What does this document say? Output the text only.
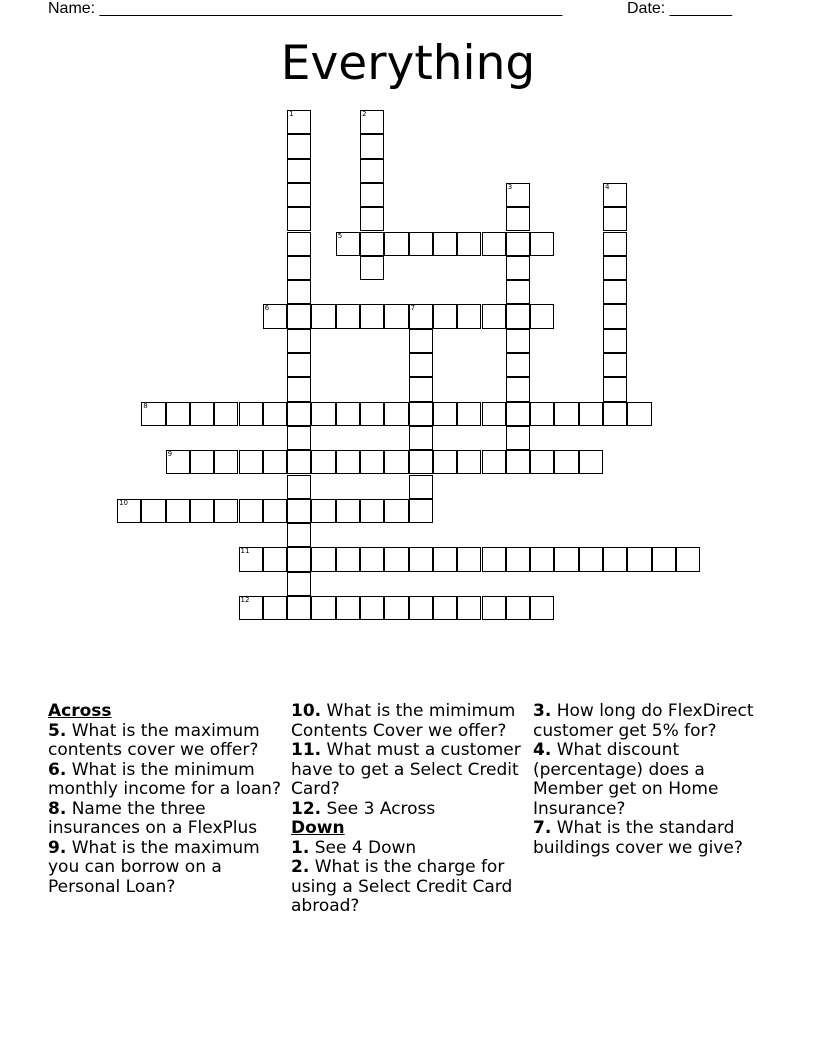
Name: ____________________________________________________	Date: _______
Everything
1	2
3	4
5
6	7
8
9
10
11
12
Across
5. What is the maximum contents cover we offer?
6. What is the minimum monthly income for a loan?
8. Name the three insurances on a FlexPlus
9. What is the maximum you can borrow on a Personal Loan?
10. What is the mimimum Contents Cover we offer?
11. What must a customer have to get a Select Credit Card?
12. See 3 Across
Down
1. See 4 Down
2. What is the charge for using a Select Credit Card abroad?
3. How long do FlexDirect customer get 5% for?
4. What discount (percentage) does a Member get on Home Insurance?
7. What is the standard buildings cover we give?
